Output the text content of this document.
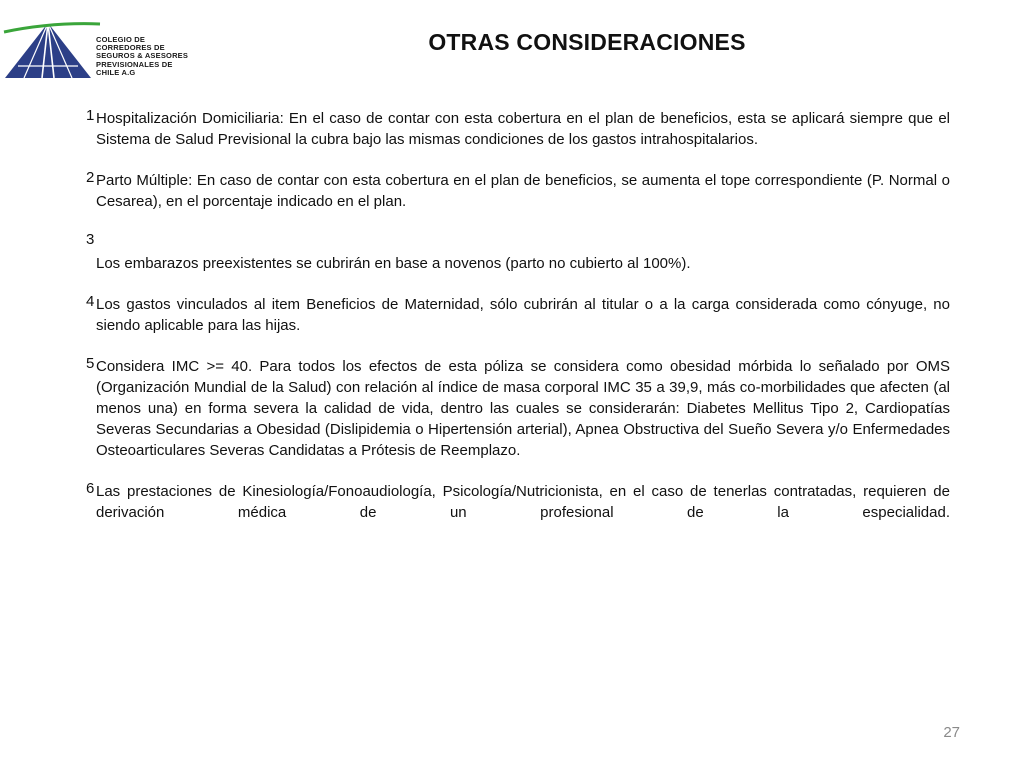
COLEGIO DE
CORREDORES DE
SEGUROS & ASESORES
PREVISIONALES DE
CHILE A.G
OTRAS CONSIDERACIONES
1 Hospitalización Domiciliaria: En el caso de contar con esta cobertura en el plan de beneficios, esta se aplicará siempre que el Sistema de Salud Previsional la cubra bajo las mismas condiciones de los gastos intrahospitalarios.
2 Parto Múltiple: En caso de contar con esta cobertura en el plan de beneficios, se aumenta el tope correspondiente (P. Normal o Cesarea), en el porcentaje indicado en el plan.
3
Los embarazos preexistentes se cubrirán en base a novenos (parto no cubierto al 100%).
4 Los gastos vinculados al item Beneficios de Maternidad, sólo cubrirán al titular o a la carga considerada como cónyuge, no siendo aplicable para las hijas.
5 Considera IMC >= 40. Para todos los efectos de esta póliza se considera como obesidad mórbida lo señalado por OMS (Organización Mundial de la Salud) con relación al índice de masa corporal IMC 35 a 39,9, más co-morbilidades que afecten (al menos una) en forma severa la calidad de vida, dentro las cuales se considerarán: Diabetes Mellitus Tipo 2, Cardiopatías Severas Secundarias a Obesidad (Dislipidemia o Hipertensión arterial), Apnea Obstructiva del Sueño Severa y/o Enfermedades Osteoarticulares Severas Candidatas a Prótesis de Reemplazo.
6 Las prestaciones de Kinesiología/Fonoaudiología, Psicología/Nutricionista, en el caso de tenerlas contratadas, requieren de derivación médica de un profesional de la especialidad.
27
